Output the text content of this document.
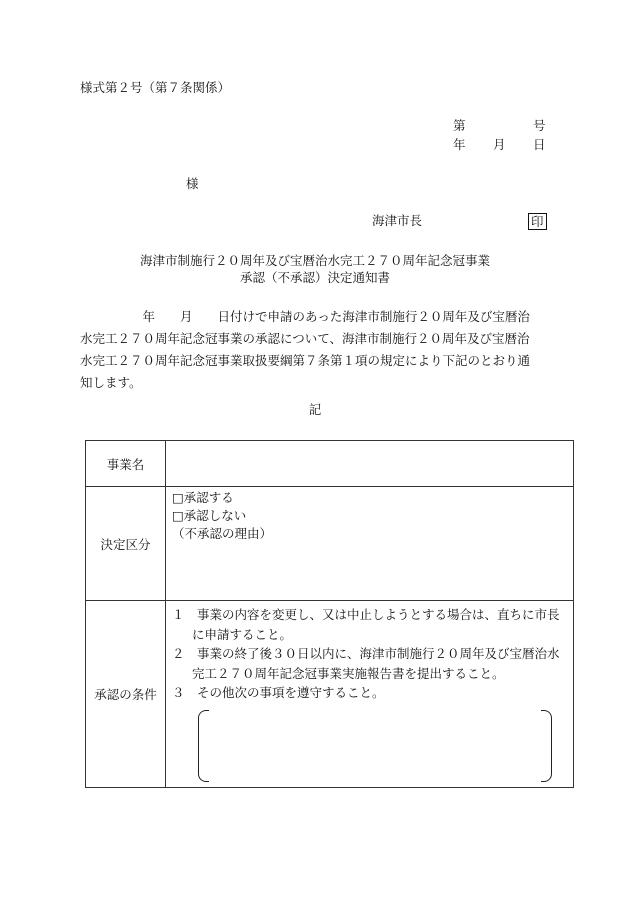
様式第２号（第７条関係）
第	号
年 月 日
様
海津市長	印
海津市制施行２０周年及び宝暦治水完工２７０周年記念冠事業
承認（不承認）決定通知書

　　　　　年　　月　　日付けで申請のあった海津市制施行２０周年及び宝暦治

水完工２７０周年記念冠事業の承認について、海津市制施行２０周年及び宝暦治

水完工２７０周年記念冠事業取扱要綱第７条第１項の規定により下記のとおり通

知します。

記
事業名	
決定区分	□承認する
□承認しない
（不承認の理由）

承認の条件	１　事業の内容を変更し、又は中止しようとする場合は、直ちに市長に申請すること。
２　事業の終了後３０日以内に、海津市制施行２０周年及び宝暦治水完工２７０周年記念冠事業実施報告書を提出すること。
３　その他次の事項を遵守すること。
